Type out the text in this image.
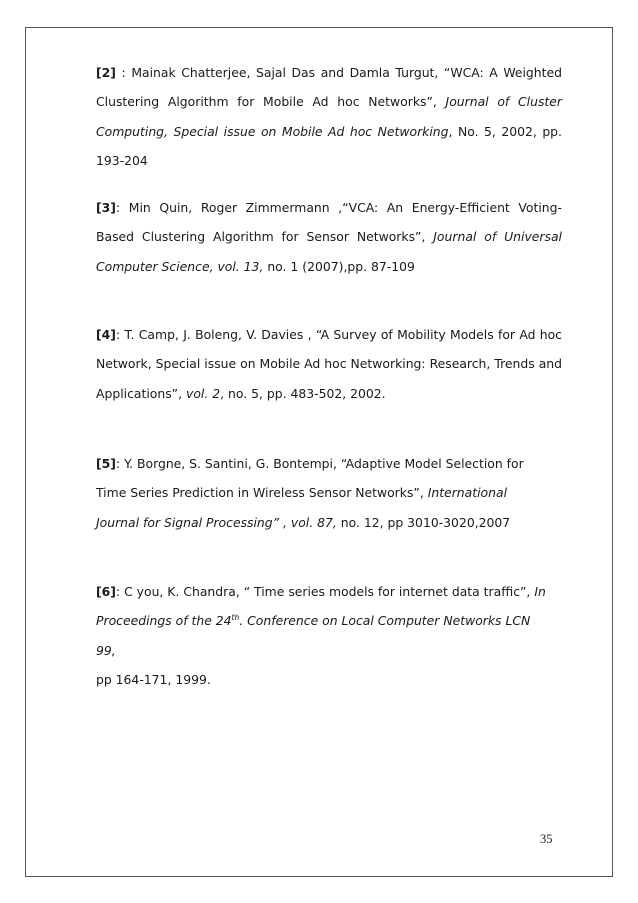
[2] : Mainak Chatterjee, Sajal Das and Damla Turgut, “WCA: A Weighted Clustering Algorithm for Mobile Ad hoc Networks”, Journal of Cluster Computing, Special issue on Mobile Ad hoc Networking, No. 5, 2002, pp. 193-204

[3]: Min Quin, Roger Zimmermann ,“VCA: An Energy-Efficient Voting-Based Clustering Algorithm for Sensor Networks”, Journal of Universal Computer Science, vol. 13, no. 1 (2007),pp. 87-109

[4]: T. Camp, J. Boleng, V. Davies , “A Survey of Mobility Models for Ad hoc Network, Special issue on Mobile Ad hoc Networking: Research, Trends and Applications”, vol. 2, no. 5, pp. 483-502, 2002.

[5]: Y. Borgne, S. Santini, G. Bontempi, “Adaptive Model Selection for Time Series Prediction in Wireless Sensor Networks”, International Journal for Signal Processing” , vol. 87, no. 12, pp 3010-3020,2007

[6]: C you, K. Chandra, “ Time series models for internet data traffic”, In Proceedings of the 24th. Conference on Local Computer Networks LCN 99,
pp 164-171, 1999.

35
